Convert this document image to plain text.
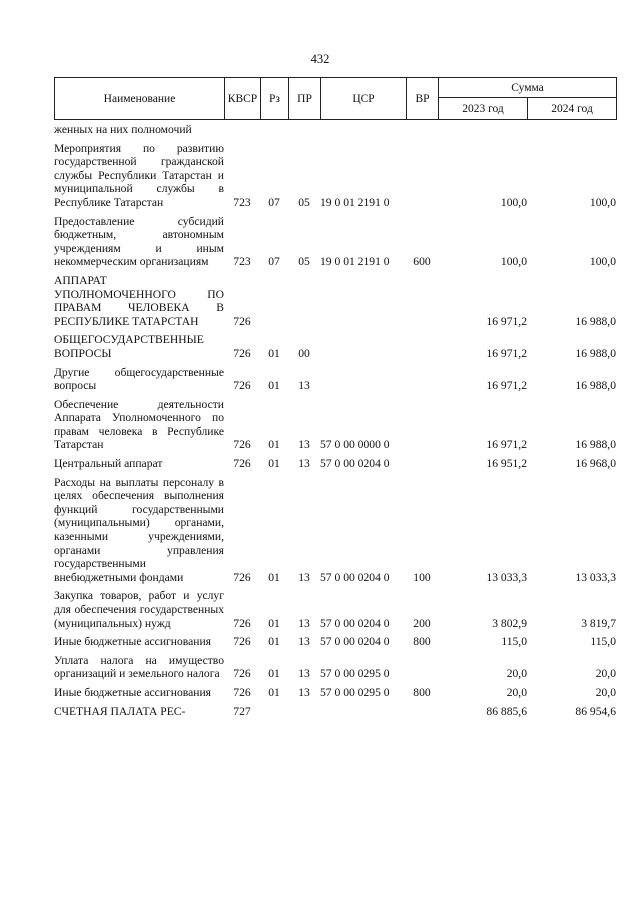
432
Наименование	КВСР	Рз	ПР	ЦСР	ВР	Сумма	
						2023 год	2024 год
женных на них полномочий							

Мероприятия по развитию государственной гражданской службы Республики Татарстан и муниципальной службы в Республике Татарстан	723	07	05	19 0 01 2191 0		100,0	100,0

Предоставление субсидий бюджетным, автономным учреждениям и иным некоммерческим организациям	723	07	05	19 0 01 2191 0	600	100,0	100,0

АППАРАТ УПОЛНОМОЧЕННОГО ПО ПРАВАМ ЧЕЛОВЕКА В РЕСПУБЛИКЕ ТАТАРСТАН	726					16 971,2	16 988,0

ОБЩЕГОСУДАРСТВЕННЫЕ ВОПРОСЫ	726	01	00			16 971,2	16 988,0

Другие общегосударственные вопросы	726	01	13			16 971,2	16 988,0

Обеспечение деятельности Аппарата Уполномоченного по правам человека в Республике Татарстан	726	01	13	57 0 00 0000 0		16 971,2	16 988,0

Центральный аппарат	726	01	13	57 0 00 0204 0		16 951,2	16 968,0

Расходы на выплаты персоналу в целях обеспечения выполнения функций государственными (муниципальными) органами, казенными учреждениями, органами управления государственными внебюджетными фондами	726	01	13	57 0 00 0204 0	100	13 033,3	13 033,3

Закупка товаров, работ и услуг для обеспечения государственных (муниципальных) нужд	726	01	13	57 0 00 0204 0	200	3 802,9	3 819,7

Иные бюджетные ассигнования	726	01	13	57 0 00 0204 0	800	115,0	115,0

Уплата налога на имущество организаций и земельного налога	726	01	13	57 0 00 0295 0		20,0	20,0

Иные бюджетные ассигнования	726	01	13	57 0 00 0295 0	800	20,0	20,0

СЧЕТНАЯ ПАЛАТА РЕС-	727					86 885,6	86 954,6
